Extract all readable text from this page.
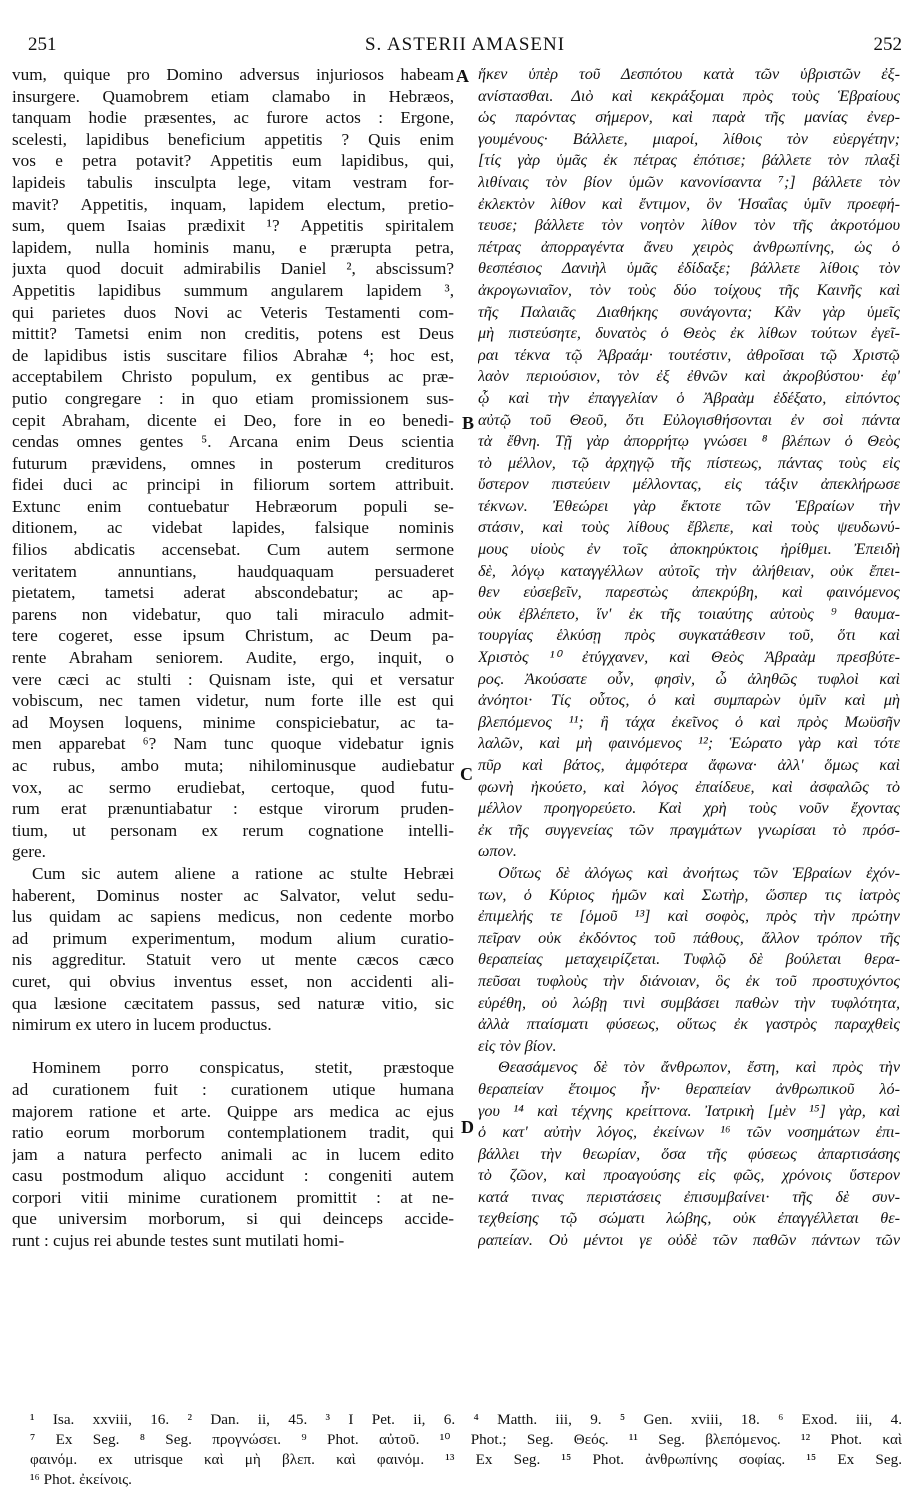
251	S. ASTERII AMASENI	252
vum, quique pro Domino adversus injuriosos habeam
insurgere. Quamobrem etiam clamabo in Hebræos,
tanquam hodie præsentes, ac furore actos : Ergone,
scelesti, lapidibus beneficium appetitis ? Quis enim
vos e petra potavit? Appetitis eum lapidibus, qui,
lapideis tabulis insculpta lege, vitam vestram for-
mavit? Appetitis, inquam, lapidem electum, pretio-
sum, quem Isaias prædixit ¹? Appetitis spiritalem
lapidem, nulla hominis manu, e prærupta petra,
juxta quod docuit admirabilis Daniel ², abscissum?
Appetitis lapidibus summum angularem lapidem ³,
qui parietes duos Novi ac Veteris Testamenti com-
mittit? Tametsi enim non creditis, potens est Deus
de lapidibus istis suscitare filios Abrahæ ⁴; hoc est,
acceptabilem Christo populum, ex gentibus ac præ-
putio congregare : in quo etiam promissionem sus-
cepit Abraham, dicente ei Deo, fore in eo benedi-
cendas omnes gentes ⁵. Arcana enim Deus scientia
futurum prævidens, omnes in posterum credituros
fidei duci ac principi in filiorum sortem attribuit.
Extunc enim contuebatur Hebræorum populi se-
ditionem, ac videbat lapides, falsique nominis
filios abdicatis accensebat. Cum autem sermone
veritatem annuntians, haudquaquam persuaderet
pietatem, tametsi aderat abscondebatur; ac ap-
parens non videbatur, quo tali miraculo admit-
tere cogeret, esse ipsum Christum, ac Deum pa-
rente Abraham seniorem. Audite, ergo, inquit, o
vere cæci ac stulti : Quisnam iste, qui et versatur
vobiscum, nec tamen videtur, num forte ille est qui
ad Moysen loquens, minime conspiciebatur, ac ta-
men apparebat ⁶? Nam tunc quoque videbatur ignis
ac rubus, ambo muta; nihilominusque audiebatur
vox, ac sermo erudiebat, certoque, quod futu-
rum erat prænuntiabatur : estque virorum pruden-
tium, ut personam ex rerum cognatione intelli-
gere.
Cum sic autem aliene a ratione ac stulte Hebræi
haberent, Dominus noster ac Salvator, velut sedu-
lus quidam ac sapiens medicus, non cedente morbo
ad primum experimentum, modum alium curatio-
nis aggreditur. Statuit vero ut mente cæcos cæco
curet, qui obvius inventus esset, non accidenti ali-
qua læsione cæcitatem passus, sed naturæ vitio, sic
nimirum ex utero in lucem productus.
Hominem porro conspicatus, stetit, præstoque
ad curationem fuit : curationem utique humana
majorem ratione et arte. Quippe ars medica ac ejus
ratio eorum morborum contemplationem tradit, qui
jam a natura perfecto animali ac in lucem edito
casu postmodum aliquo accidunt : congeniti autem
corpori vitii minime curationem promittit : at ne-
que universim morborum, si qui deinceps accide-
runt : cujus rei abunde testes sunt mutilati homi-
ἥκεν ὑπὲρ τοῦ Δεσπότου κατὰ τῶν ὑβριστῶν ἐξ-
ανίστασθαι. Διὸ καὶ κεκράξομαι πρὸς τοὺς Ἑβραίους
ὡς παρόντας σήμερον, καὶ παρὰ τῆς μανίας ἐνερ-
γουμένους· Βάλλετε, μιαροί, λίθοις τὸν εὐεργέτην;
[τίς γὰρ ὑμᾶς ἐκ πέτρας ἐπότισε; βάλλετε τὸν πλαξὶ
λιθίναις τὸν βίον ὑμῶν κανονίσαντα ⁷;] βάλλετε τὸν
ἐκλεκτὸν λίθον καὶ ἔντιμον, ὃν Ἡσαΐας ὑμῖν προεφή-
τευσε; βάλλετε τὸν νοητὸν λίθον τὸν τῆς ἀκροτόμου
πέτρας ἀπορραγέντα ἄνευ χειρὸς ἀνθρωπίνης, ὡς ὁ
θεσπέσιος Δανιὴλ ὑμᾶς ἐδίδαξε; βάλλετε λίθοις τὸν
ἀκρογωνιαῖον, τὸν τοὺς δύο τοίχους τῆς Καινῆς καὶ
τῆς Παλαιᾶς Διαθήκης συνάγοντα; Κἂν γὰρ ὑμεῖς
μὴ πιστεύσητε, δυνατὸς ὁ Θεὸς ἐκ λίθων τούτων ἐγεῖ-
ραι τέκνα τῷ Ἀβραάμ· τουτέστιν, ἀθροῖσαι τῷ Χριστῷ
λαὸν περιούσιον, τὸν ἐξ ἐθνῶν καὶ ἀκροβύστου· ἐφ'
ᾧ καὶ τὴν ἐπαγγελίαν ὁ Ἀβραὰμ ἐδέξατο, εἰπόντος
αὐτῷ τοῦ Θεοῦ, ὅτι Εὐλογισθήσονται ἐν σοὶ πάντα
τὰ ἔθνη. Τῇ γὰρ ἀπορρήτῳ γνώσει ⁸ βλέπων ὁ Θεὸς
τὸ μέλλον, τῷ ἀρχηγῷ τῆς πίστεως, πάντας τοὺς εἰς
ὕστερον πιστεύειν μέλλοντας, εἰς τάξιν ἀπεκλήρωσε
τέκνων. Ἐθεώρει γὰρ ἔκτοτε τῶν Ἑβραίων τὴν
στάσιν, καὶ τοὺς λίθους ἔβλεπε, καὶ τοὺς ψευδωνύ-
μους υἱοὺς ἐν τοῖς ἀποκηρύκτοις ἠρίθμει. Ἐπειδὴ
δὲ, λόγῳ καταγγέλλων αὐτοῖς τὴν ἀλήθειαν, οὐκ ἔπει-
θεν εὐσεβεῖν, παρεστὼς ἀπεκρύβη, καὶ φαινόμενος
οὐκ ἐβλέπετο, ἵν' ἐκ τῆς τοιαύτης αὐτοὺς ⁹ θαυμα-
τουργίας ἑλκύσῃ πρὸς συγκατάθεσιν τοῦ, ὅτι καὶ
Χριστὸς ¹⁰ ἐτύγχανεν, καὶ Θεὸς Ἀβραὰμ πρεσβύτε-
ρος. Ἀκούσατε οὖν, φησὶν, ὦ ἀληθῶς τυφλοὶ καὶ
ἀνόητοι· Τίς οὗτος, ὁ καὶ συμπαρὼν ὑμῖν καὶ μὴ
βλεπόμενος ¹¹; ἢ τάχα ἐκεῖνος ὁ καὶ πρὸς Μωϋσῆν
λαλῶν, καὶ μὴ φαινόμενος ¹²; Ἑώρατο γὰρ καὶ τότε
πῦρ καὶ βάτος, ἀμφότερα ἄφωνα· ἀλλ' ὅμως καὶ
φωνὴ ἠκούετο, καὶ λόγος ἐπαίδευε, καὶ ἀσφαλῶς τὸ
μέλλον προηγορεύετο. Καὶ χρὴ τοὺς νοῦν ἔχοντας
ἐκ τῆς συγγενείας τῶν πραγμάτων γνωρίσαι τὸ πρόσ-
ωπον.
Οὕτως δὲ ἀλόγως καὶ ἀνοήτως τῶν Ἑβραίων ἐχόν-
των, ὁ Κύριος ἡμῶν καὶ Σωτὴρ, ὥσπερ τις ἰατρὸς
ἐπιμελής τε [ὁμοῦ ¹³] καὶ σοφὸς, πρὸς τὴν πρώτην
πεῖραν οὐκ ἐκδόντος τοῦ πάθους, ἄλλον τρόπον τῆς
θεραπείας μεταχειρίζεται. Τυφλῷ δὲ βούλεται θερα-
πεῦσαι τυφλοὺς τὴν διάνοιαν, ὃς ἐκ τοῦ προστυχόντος
εὑρέθη, οὐ λώβῃ τινὶ συμβάσει παθὼν τὴν τυφλότητα,
ἀλλὰ πταίσματι φύσεως, οὕτως ἐκ γαστρὸς παραχθεὶς
εἰς τὸν βίον.
Θεασάμενος δὲ τὸν ἄνθρωπον, ἔστη, καὶ πρὸς τὴν
θεραπείαν ἕτοιμος ἦν· θεραπείαν ἀνθρωπικοῦ λό-
γου ¹⁴ καὶ τέχνης κρείττονα. Ἰατρικὴ [μὲν ¹⁵] γὰρ, καὶ
ὁ κατ' αὐτὴν λόγος, ἐκείνων ¹⁶ τῶν νοσημάτων ἐπι-
βάλλει τὴν θεωρίαν, ὅσα τῆς φύσεως ἀπαρτισάσης
τὸ ζῶον, καὶ προαγούσης εἰς φῶς, χρόνοις ὕστερον
κατά τινας περιστάσεις ἐπισυμβαίνει· τῆς δὲ συν-
τεχθείσης τῷ σώματι λώβης, οὐκ ἐπαγγέλλεται θε-
ραπείαν. Οὐ μέντοι γε οὐδὲ τῶν παθῶν πάντων τῶν
A
B
C
D
¹ Isa. xxviii, 16. ² Dan. ii, 45. ³ I Pet. ii, 6. ⁴ Matth. iii, 9. ⁵ Gen. xviii, 18. ⁶ Exod. iii, 4.
⁷ Ex Seg. ⁸ Seg. προγνώσει. ⁹ Phot. αὐτοῦ. ¹⁰ Phot.; Seg. Θεός. ¹¹ Seg. βλεπόμενος. ¹² Phot. καὶ
φαινόμ. ex utrisque καὶ μὴ βλεπ. καὶ φαινόμ. ¹³ Ex Seg. ¹⁵ Phot. ἀνθρωπίνης σοφίας. ¹⁵ Ex Seg.
¹⁶ Phot. ἐκείνοις.
